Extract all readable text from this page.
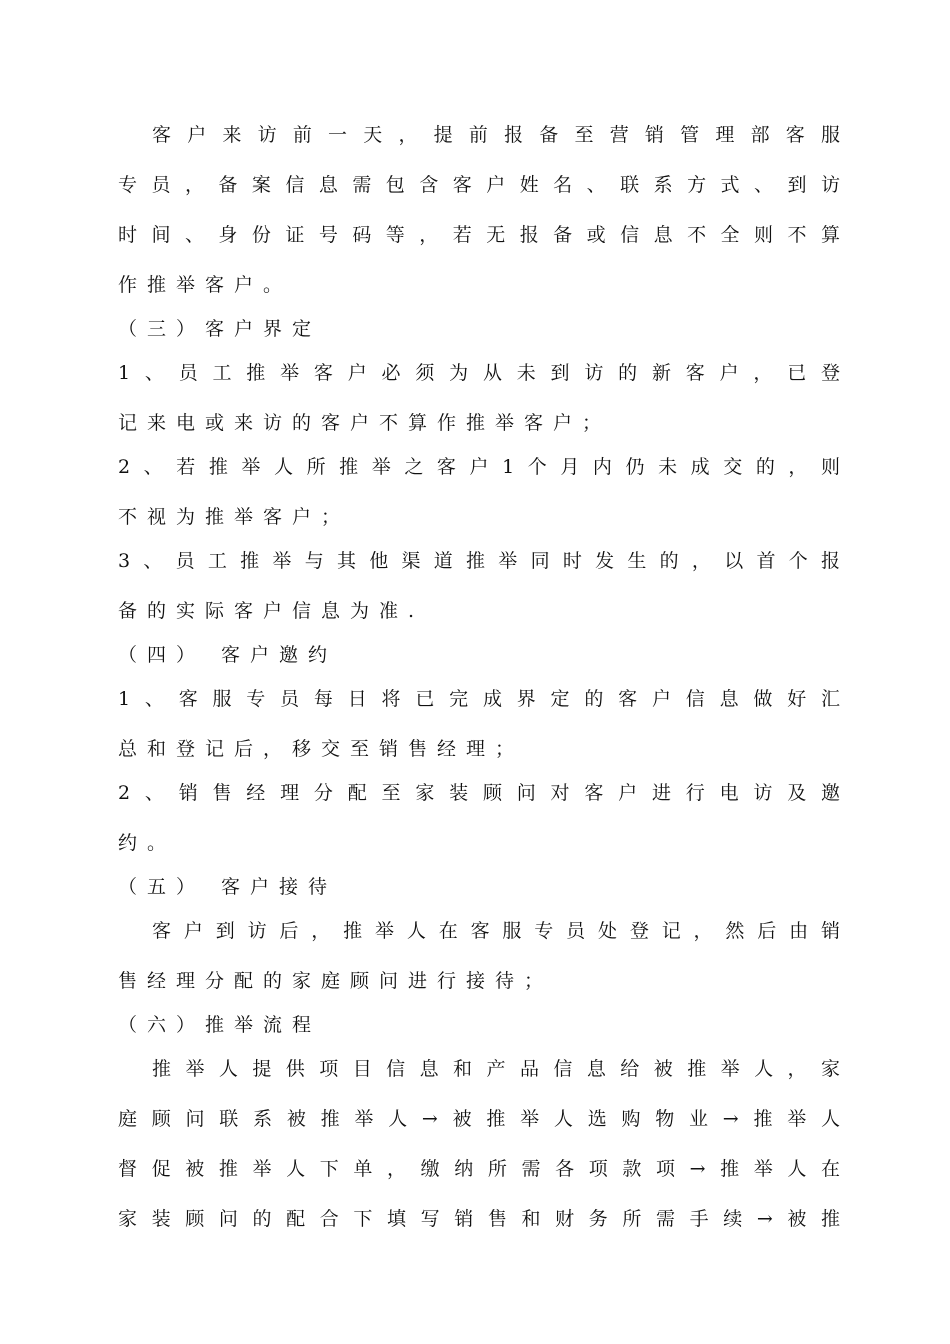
客户来访前一天，提前报备至营销管理部客服
专员，备案信息需包含客户姓名、联系方式、到访
时间、身份证号码等，若无报备或信息不全则不算
作推举客户。
（三）客户界定
1、员工推举客户必须为从未到访的新客户，已登
记来电或来访的客户不算作推举客户；
2、若推举人所推举之客户1个月内仍未成交的，则
不视为推举客户；
3、员工推举与其他渠道推举同时发生的，以首个报
备的实际客户信息为准.
（四） 客户邀约
1、客服专员每日将已完成界定的客户信息做好汇
总和登记后，移交至销售经理；
2、销售经理分配至家装顾问对客户进行电访及邀
约。
（五） 客户接待
客户到访后，推举人在客服专员处登记，然后由销
售经理分配的家庭顾问进行接待；
（六）推举流程
推举人提供项目信息和产品信息给被推举人，家
庭顾问联系被推举人→被推举人选购物业→推举人
督促被推举人下单，缴纳所需各项款项→推举人在
家装顾问的配合下填写销售和财务所需手续→被推
